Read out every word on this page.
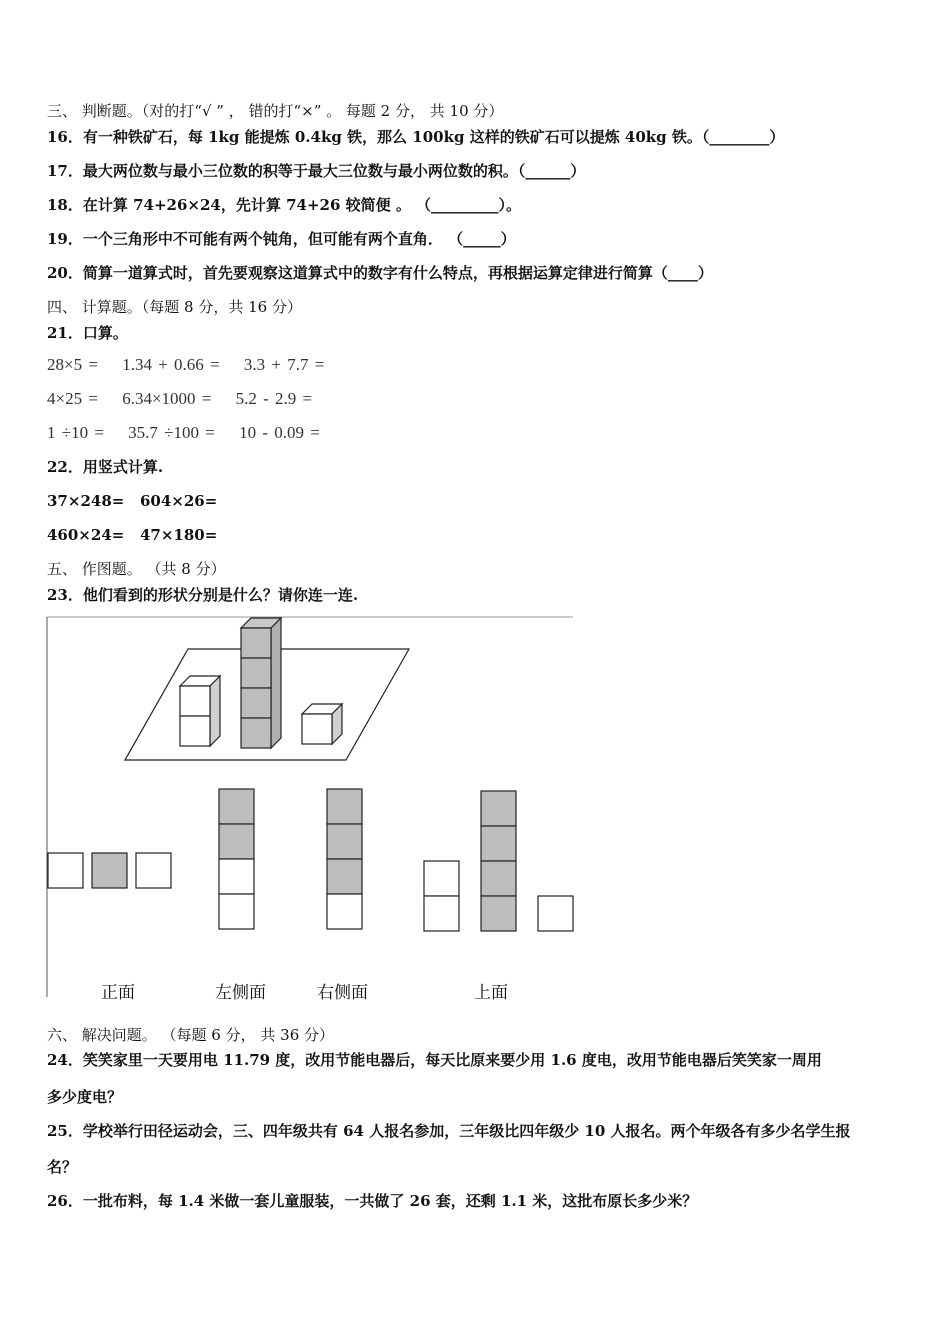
三、 判断题。（对的打“√ ” ， 错的打“×” 。 每题 2 分， 共 10 分）
16．有一种铁矿石，每 1kg 能提炼 0.4kg 铁，那么 100kg 这样的铁矿石可以提炼 40kg 铁。（________）
17．最大两位数与最小三位数的积等于最大三位数与最小两位数的积。（______）
18．在计算 74+26×24，先计算 74+26 较简便 。 （_________）。
19．一个三角形中不可能有两个钝角，但可能有两个直角． （_____）
20．简算一道算式时，首先要观察这道算式中的数字有什么特点，再根据运算定律进行简算（____）
四、 计算题。（每题 8 分，共 16 分）
21．口算。
28×5 = 1.34 + 0.66 = 3.3 + 7.7 =
4×25 = 6.34×1000 = 5.2 - 2.9 =
1 ÷10 = 35.7 ÷100 = 10 - 0.09 =
22．用竖式计算.
37×248=   604×26=
460×24=   47×180=
五、 作图题。 （共 8 分）
23．他们看到的形状分别是什么？请你连一连.
正面	左侧面	右侧面	上面
六、 解决问题。 （每题 6 分， 共 36 分）
24．笑笑家里一天要用电 11.79 度，改用节能电器后，每天比原来要少用 1.6 度电，改用节能电器后笑笑家一周用
多少度电？
25．学校举行田径运动会，三、四年级共有 64 人报名参加，三年级比四年级少 10 人报名。两个年级各有多少名学生报
名？
26．一批布料，每 1.4 米做一套儿童服装，一共做了 26 套，还剩 1.1 米，这批布原长多少米？
